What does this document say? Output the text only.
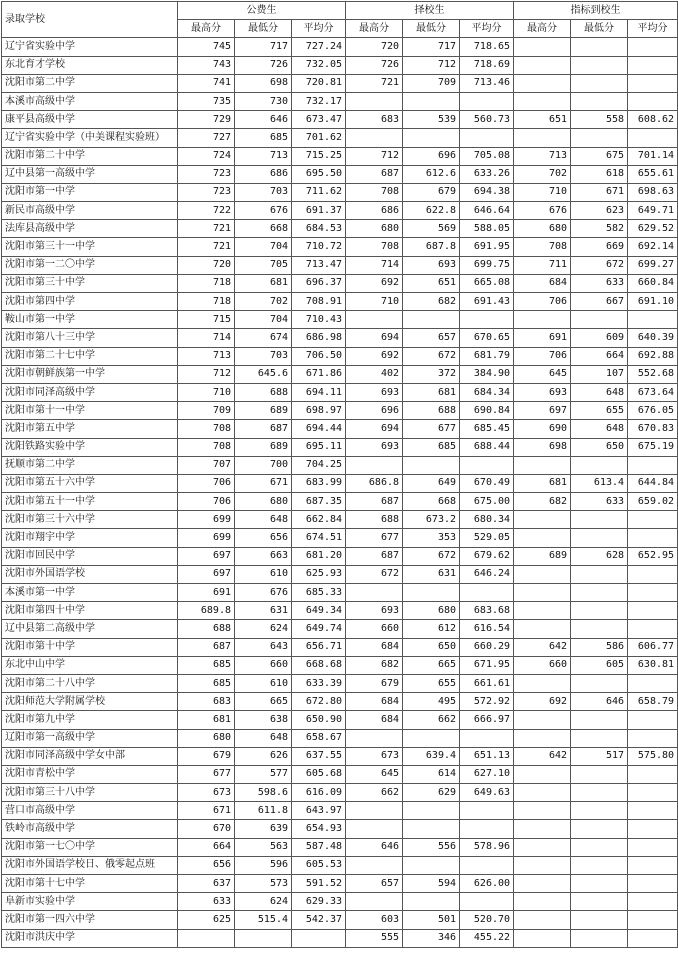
录取学校	公费生			择校生			指标到校生		
	最高分	最低分	平均分	最高分	最低分	平均分	最高分	最低分	平均分
辽宁省实验中学	745	717	727.24	720	717	718.65			
东北育才学校	743	726	732.05	726	712	718.69			
沈阳市第二中学	741	698	720.81	721	709	713.46			
本溪市高级中学	735	730	732.17						
康平县高级中学	729	646	673.47	683	539	560.73	651	558	608.62
辽宁省实验中学（中美课程实验班）	727	685	701.62						
沈阳市第二十中学	724	713	715.25	712	696	705.08	713	675	701.14
辽中县第一高级中学	723	686	695.50	687	612.6	633.26	702	618	655.61
沈阳市第一中学	723	703	711.62	708	679	694.38	710	671	698.63
新民市高级中学	722	676	691.37	686	622.8	646.64	676	623	649.71
法库县高级中学	721	668	684.53	680	569	588.05	680	582	629.52
沈阳市第三十一中学	721	704	710.72	708	687.8	691.95	708	669	692.14
沈阳市第一二〇中学	720	705	713.47	714	693	699.75	711	672	699.27
沈阳市第三十中学	718	681	696.37	692	651	665.08	684	633	660.84
沈阳市第四中学	718	702	708.91	710	682	691.43	706	667	691.10
鞍山市第一中学	715	704	710.43						
沈阳市第八十三中学	714	674	686.98	694	657	670.65	691	609	640.39
沈阳市第二十七中学	713	703	706.50	692	672	681.79	706	664	692.88
沈阳市朝鲜族第一中学	712	645.6	671.86	402	372	384.90	645	107	552.68
沈阳市同泽高级中学	710	688	694.11	693	681	684.34	693	648	673.64
沈阳市第十一中学	709	689	698.97	696	688	690.84	697	655	676.05
沈阳市第五中学	708	687	694.44	694	677	685.45	690	648	670.83
沈阳铁路实验中学	708	689	695.11	693	685	688.44	698	650	675.19
抚顺市第二中学	707	700	704.25						
沈阳市第五十六中学	706	671	683.99	686.8	649	670.49	681	613.4	644.84
沈阳市第五十一中学	706	680	687.35	687	668	675.00	682	633	659.02
沈阳市第三十六中学	699	648	662.84	688	673.2	680.34			
沈阳市翔宇中学	699	656	674.51	677	353	529.05			
沈阳市回民中学	697	663	681.20	687	672	679.62	689	628	652.95
沈阳市外国语学校	697	610	625.93	672	631	646.24			
本溪市第一中学	691	676	685.33						
沈阳市第四十中学	689.8	631	649.34	693	680	683.68			
辽中县第二高级中学	688	624	649.74	660	612	616.54			
沈阳市第十中学	687	643	656.71	684	650	660.29	642	586	606.77
东北中山中学	685	660	668.68	682	665	671.95	660	605	630.81
沈阳市第二十八中学	685	610	633.39	679	655	661.61			
沈阳师范大学附属学校	683	665	672.80	684	495	572.92	692	646	658.79
沈阳市第九中学	681	638	650.90	684	662	666.97			
辽阳市第一高级中学	680	648	658.67						
沈阳市同泽高级中学女中部	679	626	637.55	673	639.4	651.13	642	517	575.80
沈阳市青松中学	677	577	605.68	645	614	627.10			
沈阳市第三十八中学	673	598.6	616.09	662	629	649.63			
营口市高级中学	671	611.8	643.97						
铁岭市高级中学	670	639	654.93						
沈阳市第一七〇中学	664	563	587.48	646	556	578.96			
沈阳市外国语学校日、俄零起点班	656	596	605.53						
沈阳市第十七中学	637	573	591.52	657	594	626.00			
阜新市实验中学	633	624	629.33						
沈阳市第一四六中学	625	515.4	542.37	603	501	520.70			
沈阳市洪庆中学				555	346	455.22			
